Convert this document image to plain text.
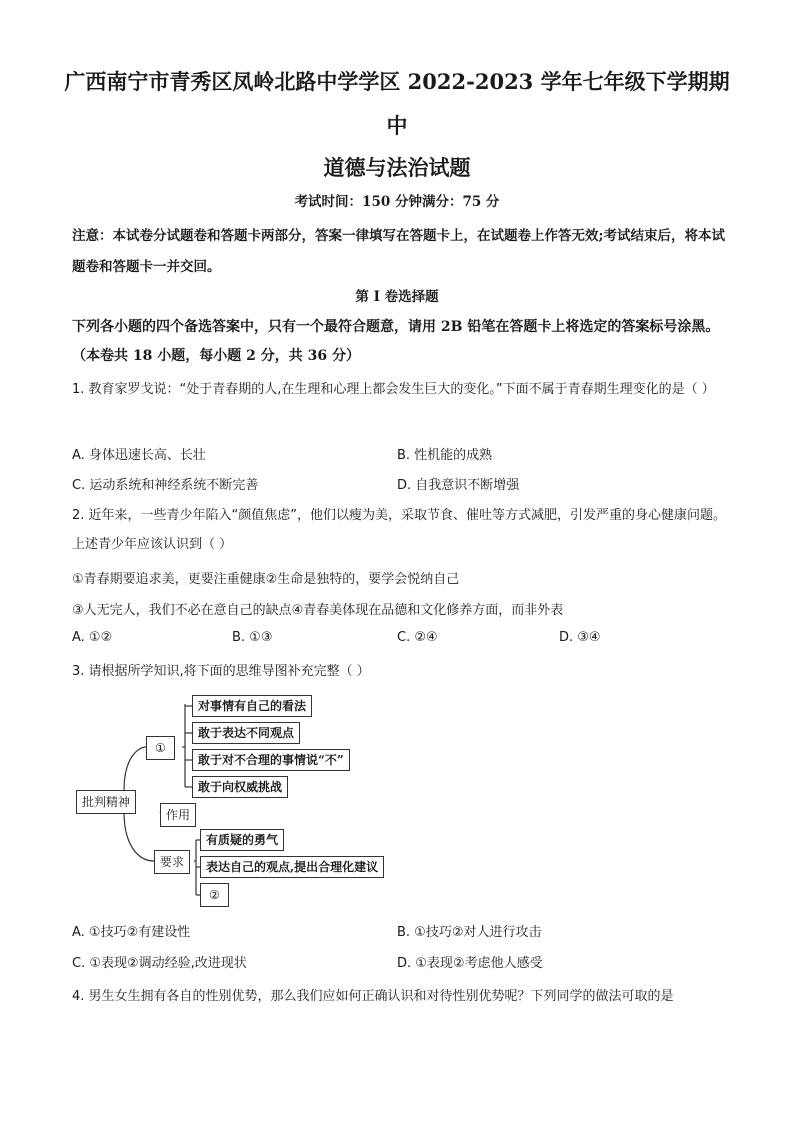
广西南宁市青秀区凤岭北路中学学区 2022-2023 学年七年级下学期期
中
道德与法治试题
考试时间：150 分钟满分：75 分
注意：本试卷分试题卷和答题卡两部分，答案一律填写在答题卡上，在试题卷上作答无效;考试结束后，将本试题卷和答题卡一并交回。
第 I 卷选择题
下列各小题的四个备选答案中，只有一个最符合题意，请用 2B 铅笔在答题卡上将选定的答案标号涂黑。（本卷共 18 小题，每小题 2 分，共 36 分）
1. 教育家罗戈说：“处于青春期的人,在生理和心理上都会发生巨大的变化。”下面不属于青春期生理变化的是（ ）
A. 身体迅速长高、长壮	B. 性机能的成熟
C. 运动系统和神经系统不断完善	D. 自我意识不断增强
2. 近年来，一些青少年陷入“颜值焦虑”，他们以瘦为美，采取节食、催吐等方式减肥，引发严重的身心健康问题。上述青少年应该认识到（ ）
①青春期要追求美，更要注重健康②生命是独特的，要学会悦纳自己
③人无完人，我们不必在意自己的缺点④青春美体现在品德和文化修养方面，而非外表
A. ①②	B. ①③	C. ②④	D. ③④
3. 请根据所学知识,将下面的思维导图补充完整（ ）
批判精神
①
作用
要求
对事情有自己的看法
敢于表达不同观点
敢于对不合理的事情说“不”
敢于向权威挑战
有质疑的勇气
表达自己的观点,提出合理化建议
②
A. ①技巧②有建设性	B. ①技巧②对人进行攻击
C. ①表现②调动经验,改进现状	D. ①表现②考虑他人感受
4. 男生女生拥有各自的性别优势，那么我们应如何正确认识和对待性别优势呢？下列同学的做法可取的是
